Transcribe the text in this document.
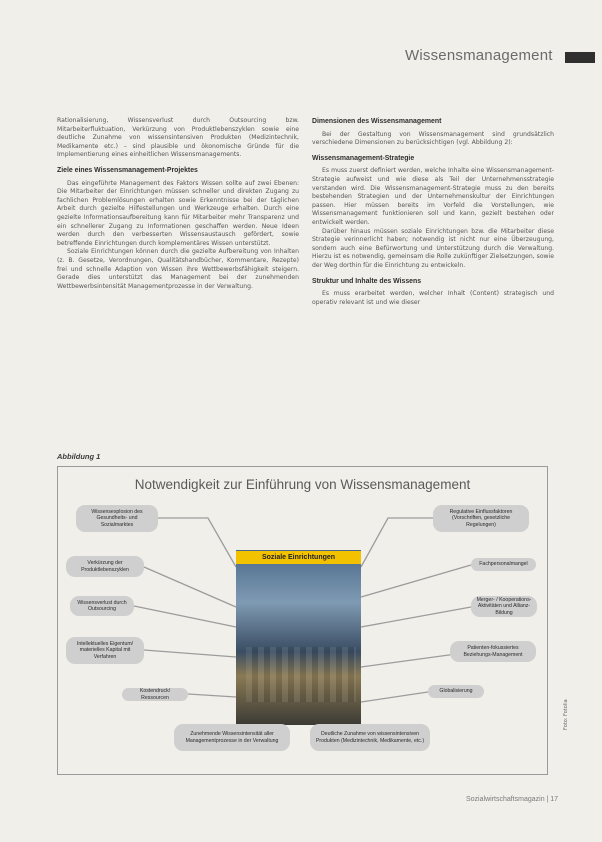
Wissensmanagement

Rationalisierung, Wissensverlust durch Outsourcing bzw. Mitarbeiterfluktuation, Verkürzung von Produktlebenszyklen sowie eine deutliche Zunahme von wissensintensiven Produkten (Medizintechnik, Medikamente etc.) – sind plausible und ökonomische Gründe für die Implementierung eines einheitlichen Wissensmanagements.

Ziele eines Wissensmanagement-Projektes

Das eingeführte Management des Faktors Wissen sollte auf zwei Ebenen: Die Mitarbeiter der Einrichtungen müssen schneller und direkten Zugang zu fachlichen Problemlösungen erhalten sowie Erkenntnisse bei der täglichen Arbeit durch gezielte Hilfestellungen und Werkzeuge erhalten. Durch eine gezielte Informationsaufbereitung kann für Mitarbeiter mehr Transparenz und ein schnellerer Zugang zu Informationen geschaffen werden. Neue Ideen werden durch den verbesserten Wissensaustausch gefördert, sowie betreffende Einrichtungen durch komplementäres Wissen unterstützt.

Soziale Einrichtungen können durch die gezielte Aufbereitung von Inhalten (z. B. Gesetze, Verordnungen, Qualitätshandbücher, Kommentare, Rezepte) frei und schnelle Adaption von Wissen ihre Wettbewerbsfähigkeit steigern. Gerade dies unterstützt das Management bei der zunehmenden Wettbewerbsintensität Managementprozesse in der Verwaltung.

Dimensionen des Wissensmanagement

Bei der Gestaltung von Wissensmanagement sind grundsätzlich verschiedene Dimensionen zu berücksichtigen (vgl. Abbildung 2):

Wissensmanagement-Strategie

Es muss zuerst definiert werden, welche Inhalte eine Wissensmanagement-Strategie aufweist und wie diese als Teil der Unternehmensstrategie verstanden wird. Die Wissensmanagement-Strategie muss zu den bereits bestehenden Strategien und der Unternehmenskultur der Einrichtungen passen. Hier müssen bereits im Vorfeld die Vorstellungen, wie Wissensmanagement funktionieren soll und kann, gezielt bestehen oder entwickelt werden.

Darüber hinaus müssen soziale Einrichtungen bzw. die Mitarbeiter diese Strategie verinnerlicht haben; notwendig ist nicht nur eine Überzeugung, sondern auch eine Befürwortung und Unterstützung durch die Verwaltung. Hierzu ist es notwendig, gemeinsam die Rolle zukünftiger Zielsetzungen, sowie der Weg dorthin für die Einrichtung zu entwickeln.

Struktur und Inhalte des Wissens

Es muss erarbeitet werden, welcher Inhalt (Content) strategisch und operativ relevant ist und wie dieser

Abbildung 1
Notwendigkeit zur Einführung von Wissensmanagement
Soziale Einrichtungen
Wissensexplosion des Gesundheits- und Sozialmarktes
Verkürzung der Produktlebenszyklen
Wissensverlust durch Outsourcing
Intellektuelles Eigentum/ materielles Kapital mit Verfahren
Kostendruck/ Ressourcen
Regulative Einflussfaktoren (Vorschriften, gesetzliche Regelungen)
Fachpersonalmangel
Merger- / Kooperations-Aktivitäten und Allianz-Bildung
Patienten-fokussiertes Beziehungs-Management
Globalisierung
Zunehmende Wissensintensität aller Managementprozesse in der Verwaltung
Deutliche Zunahme von wissensintensiven Produkten (Medizintechnik, Medikamente, etc.)
Foto: Fotolia
Sozialwirtschaftsmagazin | 17
